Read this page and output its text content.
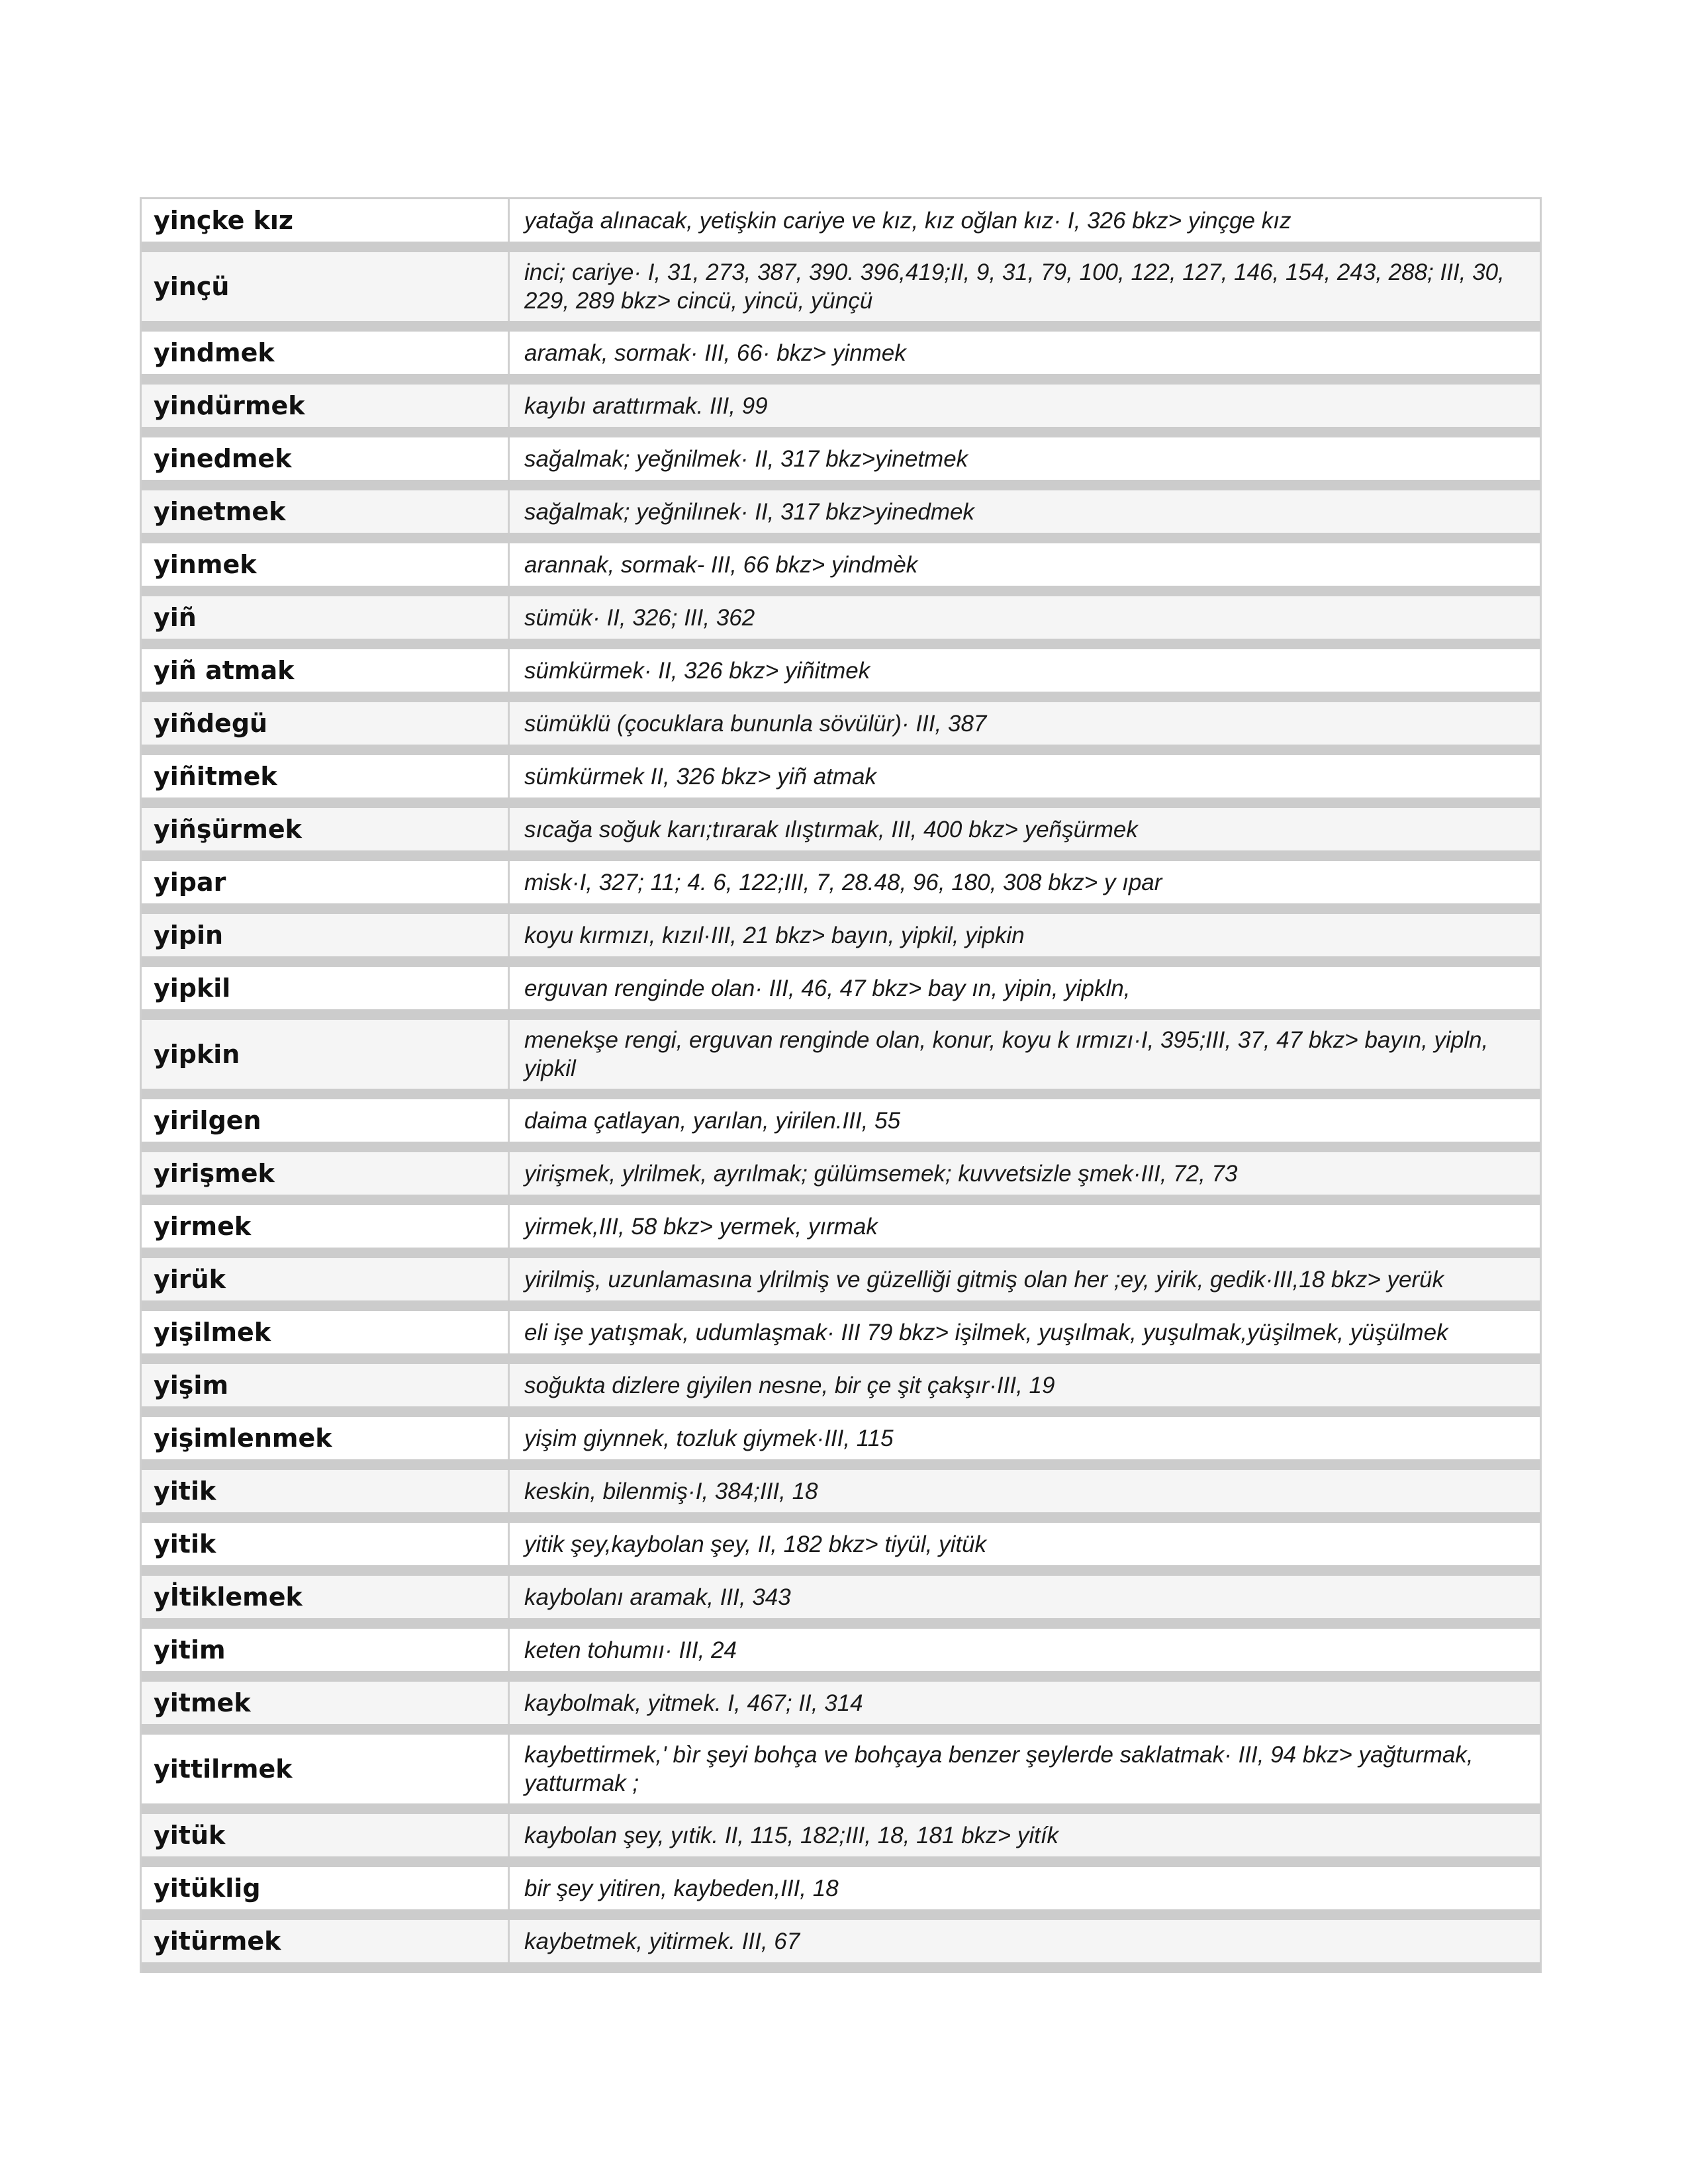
yinçke kız	yatağa alınacak, yetişkin cariye ve kız, kız oğlan kız· I, 326 bkz> yinçge kız
yinçü	inci; cariye· I, 31, 273, 387, 390. 396,419;II, 9, 31, 79, 100, 122, 127, 146, 154, 243, 288; III, 30, 229, 289 bkz> cincü, yincü, yünçü
yindmek	aramak, sormak· III, 66· bkz> yinmek
yindürmek	kayıbı arattırmak. III, 99
yinedmek	sağalmak; yeğnilmek· II, 317 bkz>yinetmek
yinetmek	sağalmak; yeğnilınek· II, 317 bkz>yinedmek
yinmek	arannak, sormak- III, 66 bkz> yindmèk
yiñ	sümük· II, 326; III, 362
yiñ atmak	sümkürmek· II, 326 bkz> yiñitmek
yiñdegü	sümüklü (çocuklara bununla sövülür)· III, 387
yiñitmek	sümkürmek II, 326 bkz> yiñ atmak
yiñşürmek	sıcağa soğuk karı;tırarak ılıştırmak, III, 400 bkz> yeñşürmek
yipar	misk·I, 327; 11; 4. 6, 122;III, 7, 28.48, 96, 180, 308 bkz> y ıpar
yipin	koyu kırmızı, kızıl·III, 21 bkz> bayın, yipkil, yipkin
yipkil	erguvan renginde olan· III, 46, 47 bkz> bay ın, yipin, yipkln,
yipkin	menekşe rengi, erguvan renginde olan, konur, koyu k ırmızı·I, 395;III, 37, 47 bkz> bayın, yipln, yipkil
yirilgen	daima çatlayan, yarılan, yirilen.III, 55
yirişmek	yirişmek, ylrilmek, ayrılmak; gülümsemek; kuvvetsizle şmek·III, 72, 73
yirmek	yirmek,III, 58 bkz> yermek, yırmak
yirük	yirilmiş, uzunlamasına ylrilmiş ve güzelliği gitmiş olan her ;ey, yirik, gedik·III,18 bkz> yerük
yişilmek	eli işe yatışmak, udumlaşmak· III 79 bkz> işilmek, yuşılmak, yuşulmak,yüşilmek, yüşülmek
yişim	soğukta dizlere giyilen nesne, bir çe şit çakşır·III, 19
yişimlenmek	yişim giynnek, tozluk giymek·III, 115
yitik	keskin, bilenmiş·I, 384;III, 18
yitik	yitik şey,kaybolan şey, II, 182 bkz> tiyül, yitük
yİtiklemek	kaybolanı aramak, III, 343
yitim	keten tohumıı· III, 24
yitmek	kaybolmak, yitmek. I, 467; II, 314
yittilrmek	kaybettirmek,' bìr şeyi bohça ve bohçaya benzer şeylerde saklatmak· III, 94 bkz> yağturmak, yatturmak ;
yitük	kaybolan şey, yıtik. II, 115, 182;III, 18, 181 bkz> yitík
yitüklig	bir şey yitiren, kaybeden,III, 18
yitürmek	kaybetmek, yitirmek. III, 67
